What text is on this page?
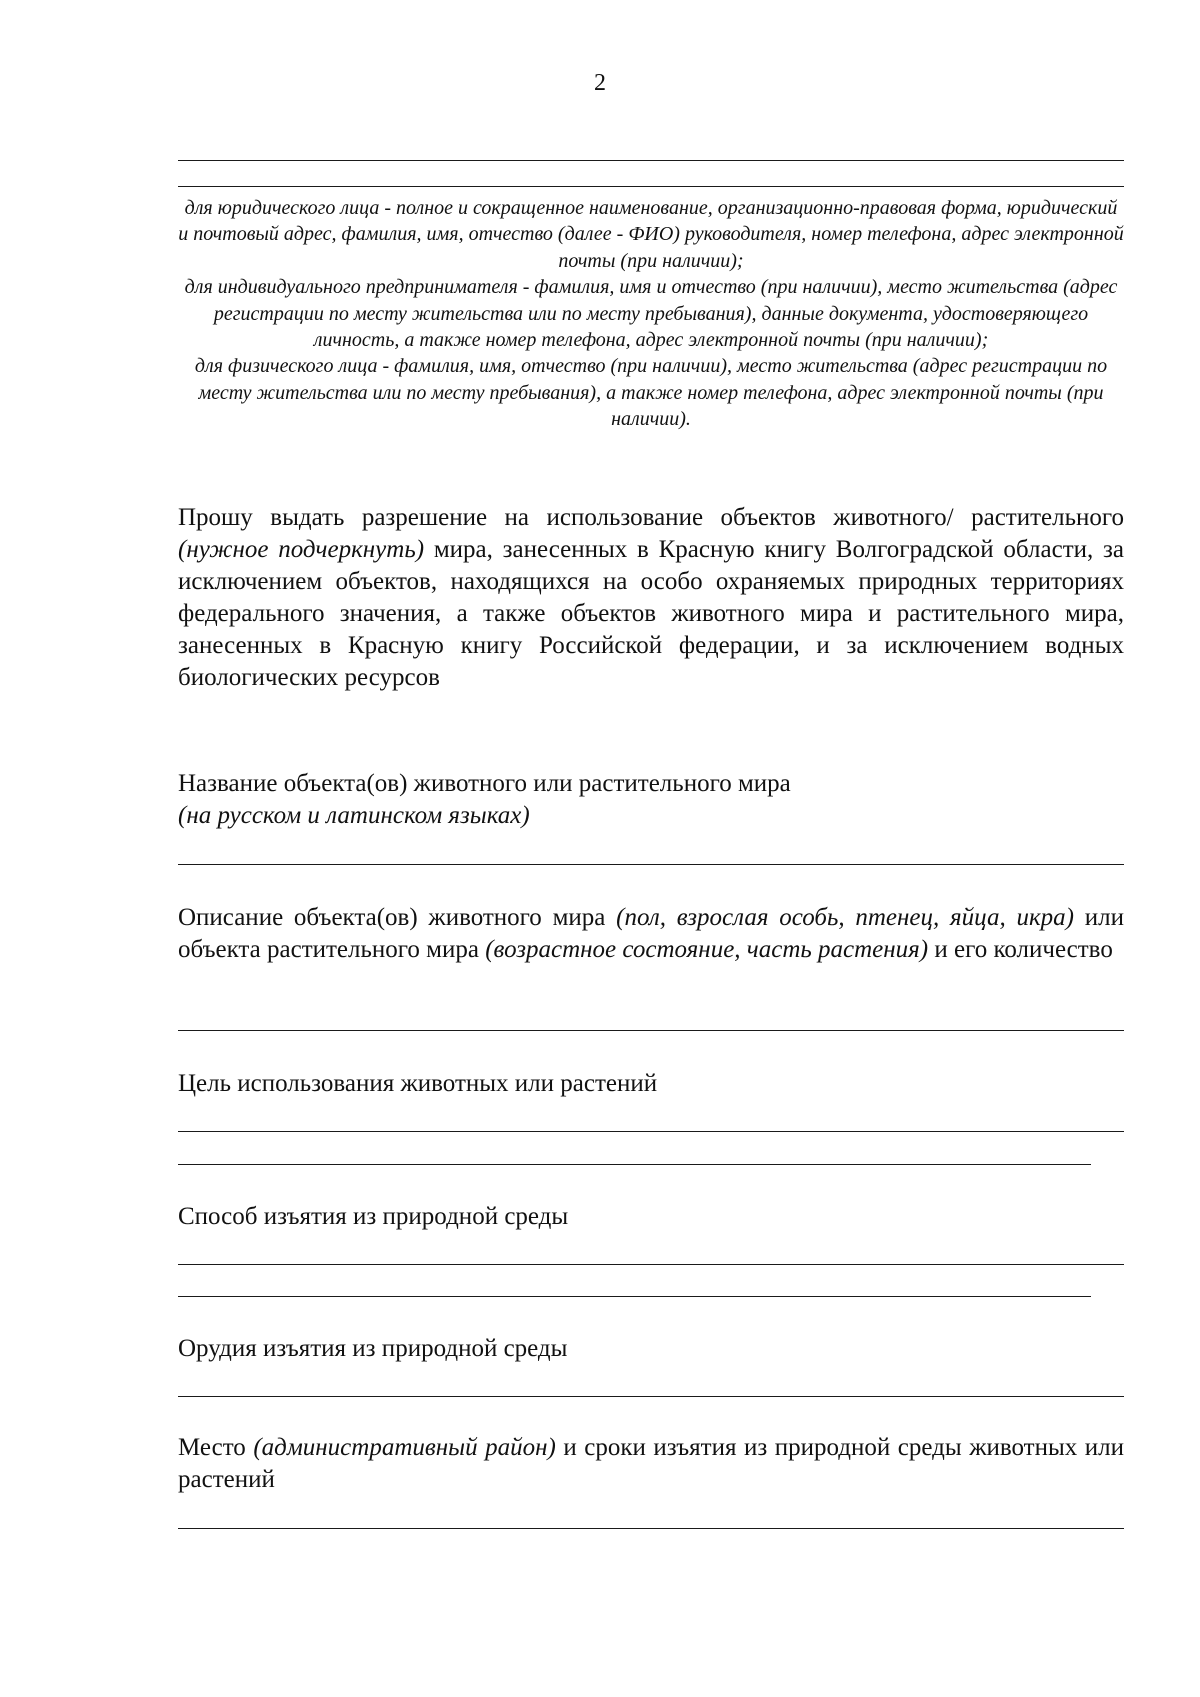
2

для юридического лица - полное и сокращенное наименование, организационно-правовая форма, юридический и почтовый адрес, фамилия, имя, отчество (далее - ФИО) руководителя, номер телефона, адрес электронной почты (при наличии);

для индивидуального предпринимателя - фамилия, имя и отчество (при наличии), место жительства (адрес регистрации по месту жительства или по месту пребывания), данные документа, удостоверяющего личность, а также номер телефона, адрес электронной почты (при наличии);

для физического лица - фамилия, имя, отчество (при наличии), место жительства (адрес регистрации по месту жительства или по месту пребывания), а также номер телефона, адрес электронной почты (при наличии).

Прошу выдать разрешение на использование объектов животного/ растительного (нужное подчеркнуть) мира, занесенных в Красную книгу Волгоградской области, за исключением объектов, находящихся на особо охраняемых природных территориях федерального значения, а также объектов животного мира и растительного мира, занесенных в Красную книгу Российской федерации, и за исключением водных биологических ресурсов

Название объекта(ов) животного или растительного мира

(на русском и латинском языках)

Описание объекта(ов) животного мира (пол, взрослая особь, птенец, яйца, икра) или объекта растительного мира (возрастное состояние, часть растения) и его количество

Цель использования животных или растений

Способ изъятия из природной среды

Орудия изъятия из природной среды

Место (административный район) и сроки изъятия из природной среды животных или растений
